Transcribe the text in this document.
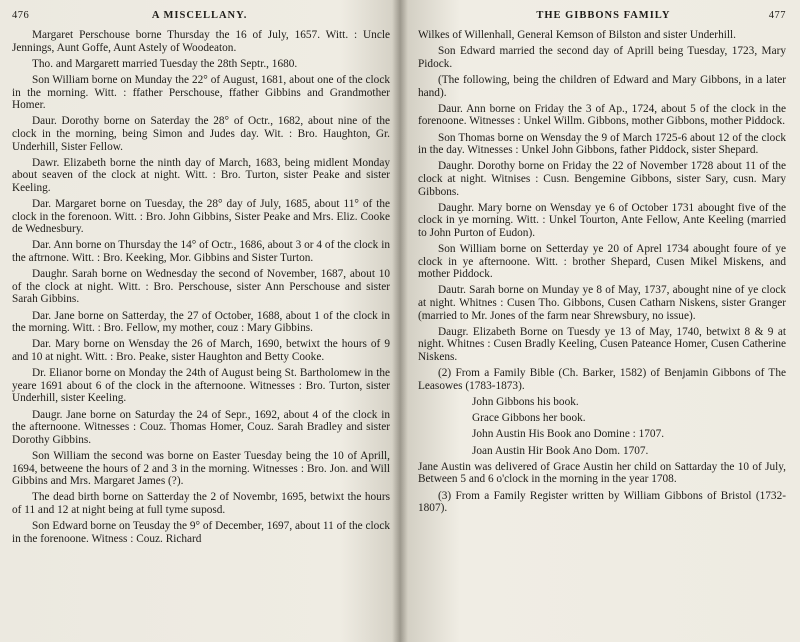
476	A MISCELLANY.

Margaret Perschouse borne Thursday the 16 of July, 1657. Witt. : Uncle Jennings, Aunt Goffe, Aunt Astely of Woodeaton.

Tho. and Margarett married Tuesday the 28th Septr., 1680.

Son William borne on Munday the 22° of August, 1681, about one of the clock in the morning. Witt. : ffather Perschouse, ffather Gibbins and Grandmother Homer.

Daur. Dorothy borne on Saterday the 28° of Octr., 1682, about nine of the clock in the morning, being Simon and Judes day. Wit. : Bro. Haughton, Gr. Underhill, Sister Fellow.

Dawr. Elizabeth borne the ninth day of March, 1683, being midlent Monday about seaven of the clock at night. Witt. : Bro. Turton, sister Peake and sister Keeling.

Dar. Margaret borne on Tuesday, the 28° day of July, 1685, about 11° of the clock in the forenoon. Witt. : Bro. John Gibbins, Sister Peake and Mrs. Eliz. Cooke de Wednesbury.

Dar. Ann borne on Thursday the 14° of Octr., 1686, about 3 or 4 of the clock in the aftrnone. Witt. : Bro. Keeking, Mor. Gibbins and Sister Turton.

Daughr. Sarah borne on Wednesday the second of November, 1687, about 10 of the clock at night. Witt. : Bro. Perschouse, sister Ann Perschouse and sister Sarah Gibbins.

Dar. Jane borne on Satterday, the 27 of October, 1688, about 1 of the clock in the morning. Witt. : Bro. Fellow, my mother, couz : Mary Gibbins.

Dar. Mary borne on Wensday the 26 of March, 1690, betwixt the hours of 9 and 10 at night. Witt. : Bro. Peake, sister Haughton and Betty Cooke.

Dr. Elianor borne on Monday the 24th of August being St. Bartholomew in the yeare 1691 about 6 of the clock in the afternoone. Witnesses : Bro. Turton, sister Underhill, sister Keeling.

Daugr. Jane borne on Saturday the 24 of Sepr., 1692, about 4 of the clock in the afternoone. Witnesses : Couz. Thomas Homer, Couz. Sarah Bradley and sister Dorothy Gibbins.

Son William the second was borne on Easter Tuesday being the 10 of Aprill, 1694, betweene the hours of 2 and 3 in the morning. Witnesses : Bro. Jon. and Will Gibbins and Mrs. Margaret James (?).

The dead birth borne on Satterday the 2 of Novembr, 1695, betwixt the hours of 11 and 12 at night being at full tyme suposd.

Son Edward borne on Teusday the 9° of December, 1697, about 11 of the clock in the forenoone. Witness : Couz. Richard

THE GIBBONS FAMILY	477

Wilkes of Willenhall, General Kemson of Bilston and sister Underhill.

Son Edward married the second day of Aprill being Tuesday, 1723, Mary Pidock.

(The following, being the children of Edward and Mary Gibbons, in a later hand).

Daur. Ann borne on Friday the 3 of Ap., 1724, about 5 of the clock in the forenoone. Witnesses : Unkel Willm. Gibbons, mother Gibbons, mother Piddock.

Son Thomas borne on Wensday the 9 of March 1725-6 about 12 of the clock in the day. Witnesses : Unkel John Gibbons, father Piddock, sister Shepard.

Daughr. Dorothy borne on Friday the 22 of November 1728 about 11 of the clock at night. Witnises : Cusn. Bengemine Gibbons, sister Sary, cusn. Mary Gibbons.

Daughr. Mary borne on Wensday ye 6 of October 1731 abought five of the clock in ye morning. Witt. : Unkel Tourton, Ante Fellow, Ante Keeling (married to John Purton of Eudon).

Son William borne on Setterday ye 20 of Aprel 1734 abought foure of ye clock in ye afternoone. Witt. : brother Shepard, Cusen Mikel Miskens, and mother Piddock.

Dautr. Sarah borne on Munday ye 8 of May, 1737, abought nine of ye clock at night. Whitnes : Cusen Tho. Gibbons, Cusen Catharn Niskens, sister Granger (married to Mr. Jones of the farm near Shrewsbury, no issue).

Daugr. Elizabeth Borne on Tuesdy ye 13 of May, 1740, betwixt 8 & 9 at night. Whitnes : Cusen Bradly Keeling, Cusen Pateance Homer, Cusen Catherine Niskens.

(2) From a Family Bible (Ch. Barker, 1582) of Benjamin Gibbons of The Leasowes (1783-1873).

John Gibbons his book.
Grace Gibbons her book.
John Austin His Book ano Domine : 1707.
Joan Austin Hir Book Ano Dom. 1707.

Jane Austin was delivered of Grace Austin her child on Sattarday the 10 of July, Between 5 and 6 o'clock in the morning in the year 1708.

(3) From a Family Register written by William Gibbons of Bristol (1732-1807).
